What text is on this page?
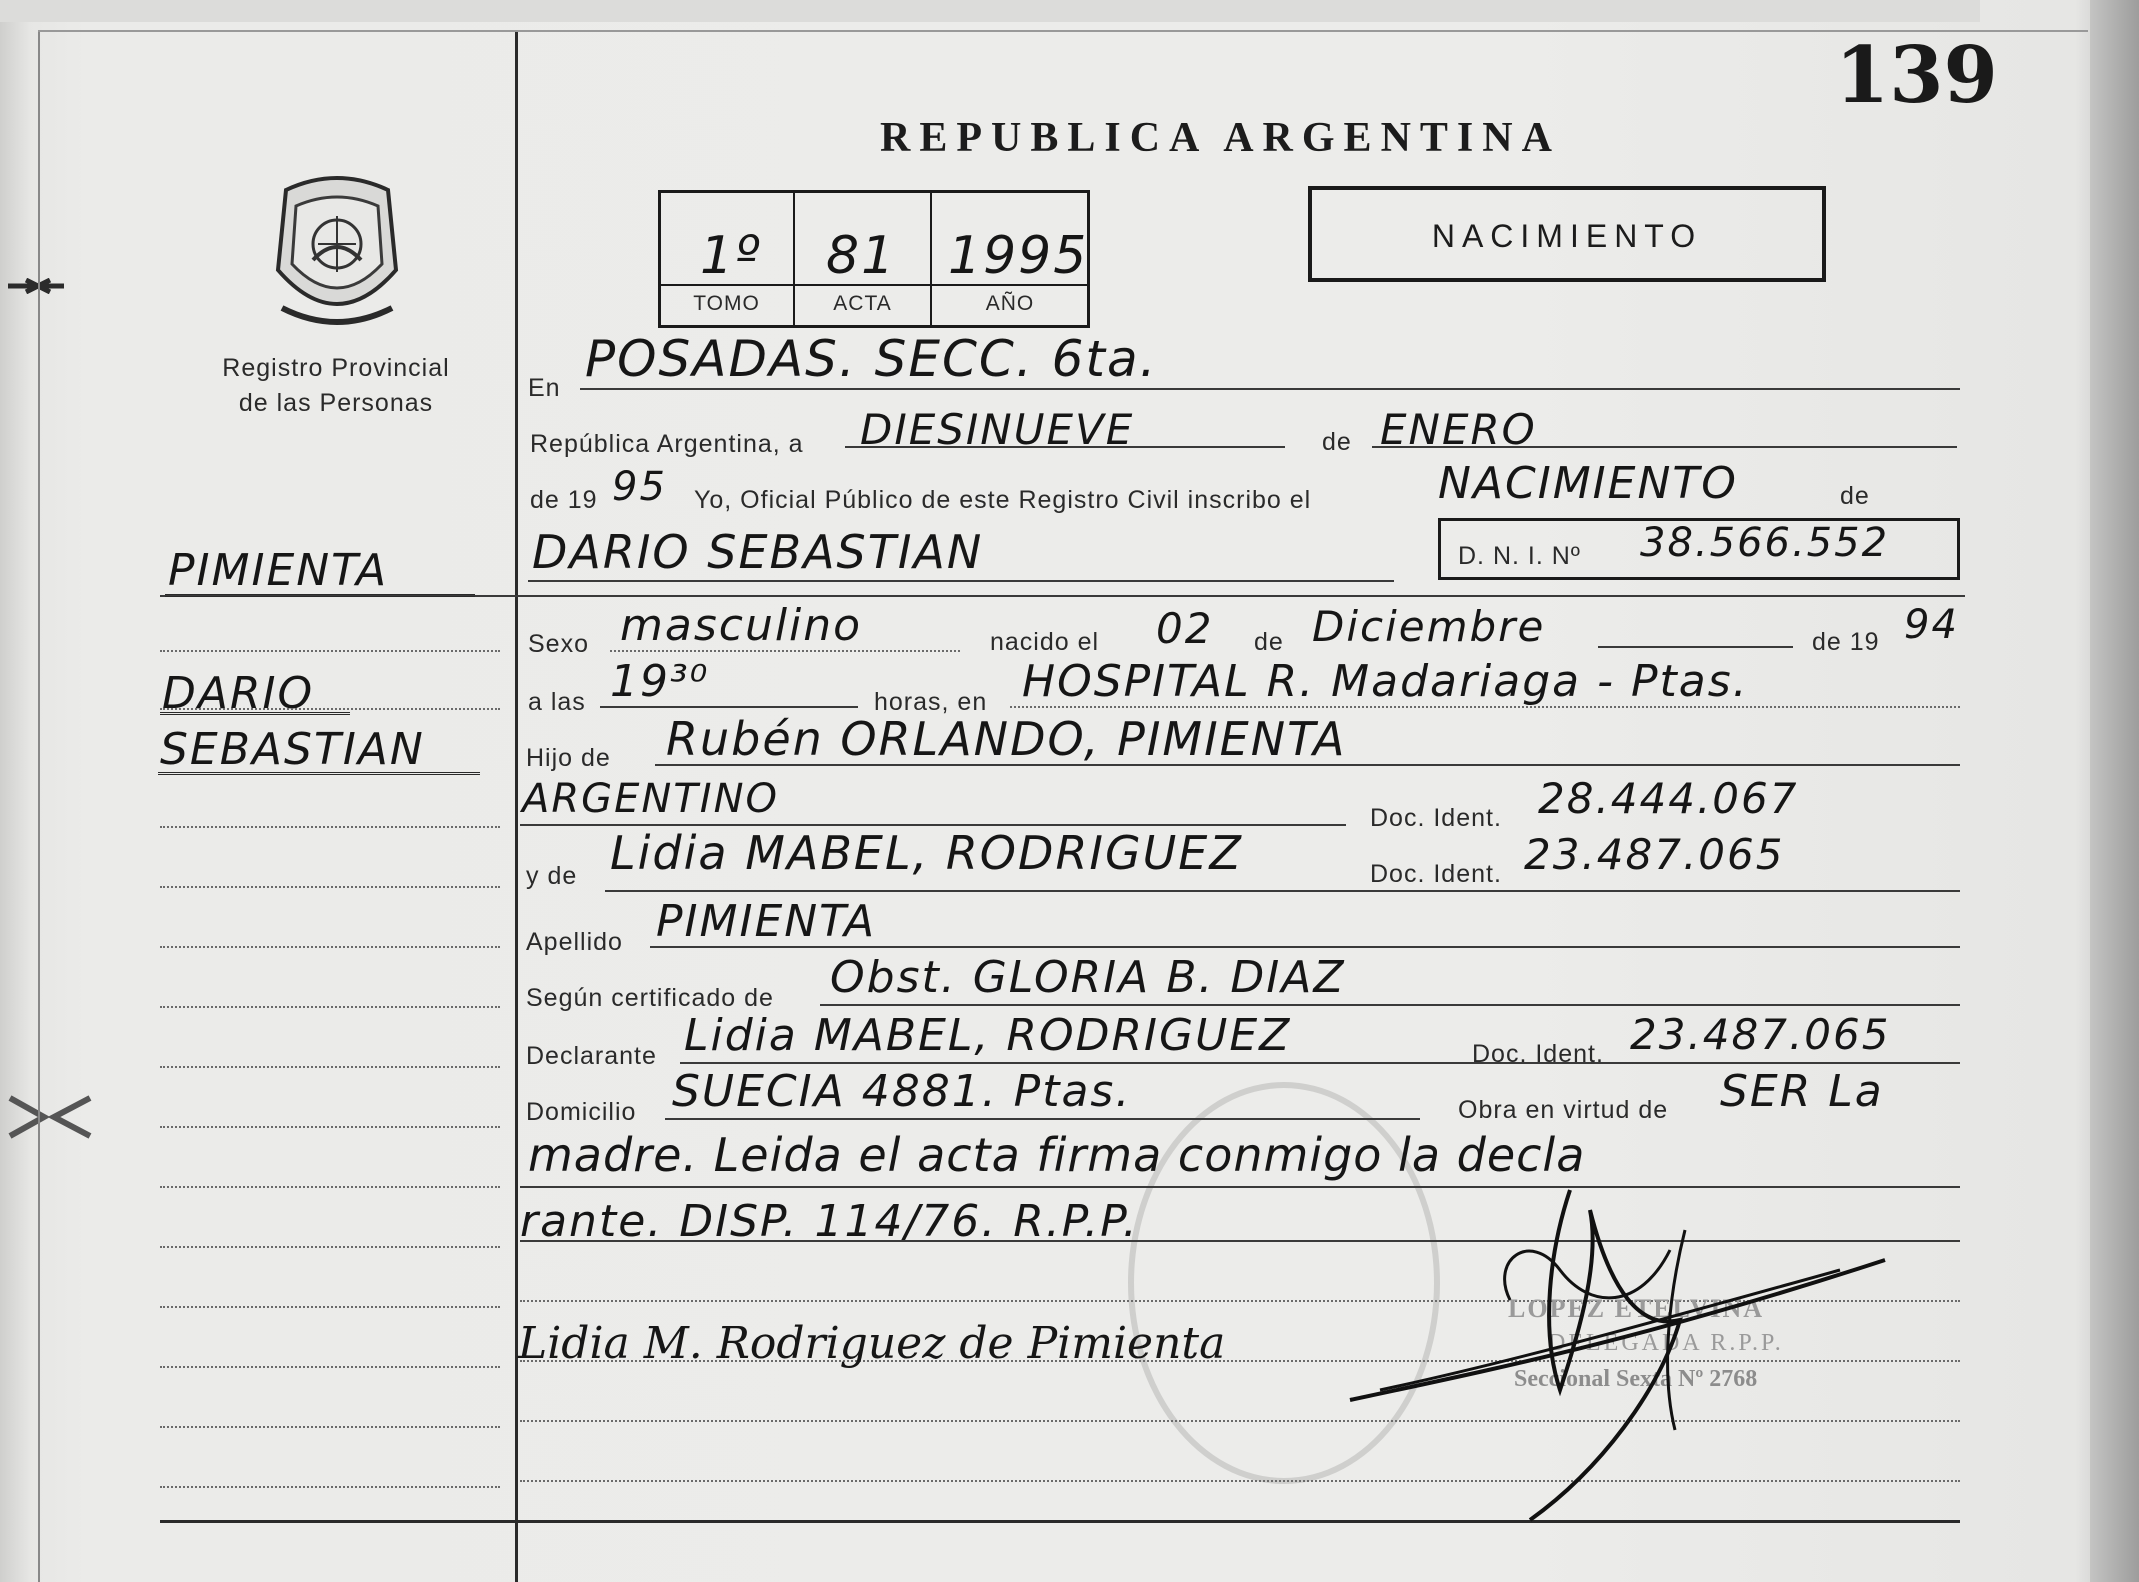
139
REPUBLICA ARGENTINA
NACIMIENTO
1º 81 1995
TOMO	ACTA	AÑO
Registro Provincial
de las Personas
PIMIENTA
DARIO
SEBASTIAN
En POSADAS. SECC. 6ta.
República Argentina, a DIESINUEVE	de ENERO
de 19 95 Yo, Oficial Público de este Registro Civil inscribo el	NACIMIENTO	de
DARIO SEBASTIAN	D. N. I. Nº 38.566.552
Sexo masculino	nacido el 02 de Diciembre	de 19 94
a las 19³⁰	horas, en HOSPITAL R. Madariaga - Ptas.
Hijo de Rubén ORLANDO, PIMIENTA
ARGENTINO	Doc. Ident. 28.444.067
y de Lidia MABEL, RODRIGUEZ	Doc. Ident. 23.487.065
Apellido PIMIENTA
Según certificado de Obst. GLORIA B. DIAZ
Declarante Lidia MABEL, RODRIGUEZ	Doc. Ident. 23.487.065
Domicilio SUECIA 4881. Ptas.	Obra en virtud de SER La
madre. Leida el acta firma conmigo la decla
rante. DISP. 114/76. R.P.P.
Lidia M. Rodriguez de Pimienta
LOPEZ ETELVINA
DELEGADA R.P.P.
Seccional Sexta Nº 2768
